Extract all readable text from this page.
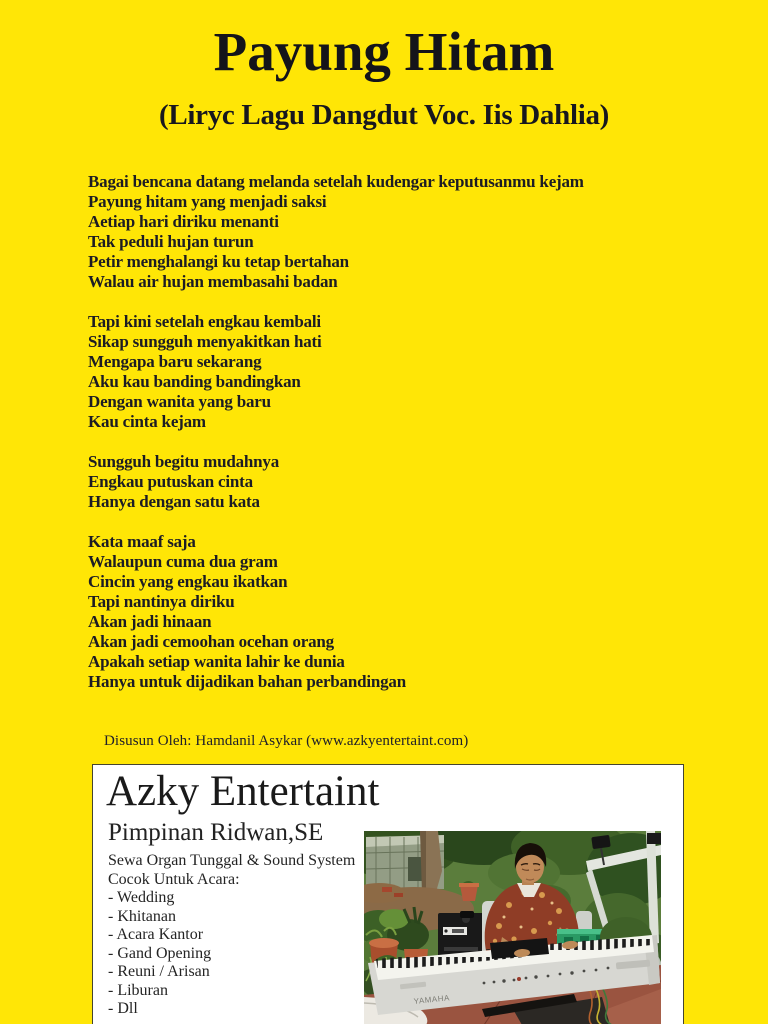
Payung Hitam
(Liryc Lagu Dangdut Voc. Iis Dahlia)
Bagai bencana datang melanda setelah kudengar keputusanmu kejam
Payung hitam yang menjadi saksi
Aetiap hari diriku menanti
Tak peduli hujan turun
Petir menghalangi ku tetap bertahan
Walau air hujan membasahi badan
Tapi kini setelah engkau kembali
Sikap sungguh menyakitkan hati
Mengapa baru sekarang
Aku kau banding bandingkan
Dengan wanita yang baru
Kau cinta kejam
Sungguh begitu mudahnya
Engkau putuskan cinta
Hanya dengan satu kata
Kata maaf saja
Walaupun cuma dua gram
Cincin yang engkau ikatkan
Tapi nantinya diriku
Akan jadi hinaan
Akan jadi cemoohan ocehan orang
Apakah setiap wanita lahir ke dunia
Hanya untuk dijadikan bahan perbandingan
Disusun Oleh: Hamdanil Asykar (www.azkyentertaint.com)
Azky Entertaint
Pimpinan Ridwan,SE
Sewa Organ Tunggal & Sound System
Cocok Untuk Acara:
- Wedding
- Khitanan
- Acara Kantor
- Gand Opening
- Reuni / Arisan
- Liburan
- Dll
YAMAHA
